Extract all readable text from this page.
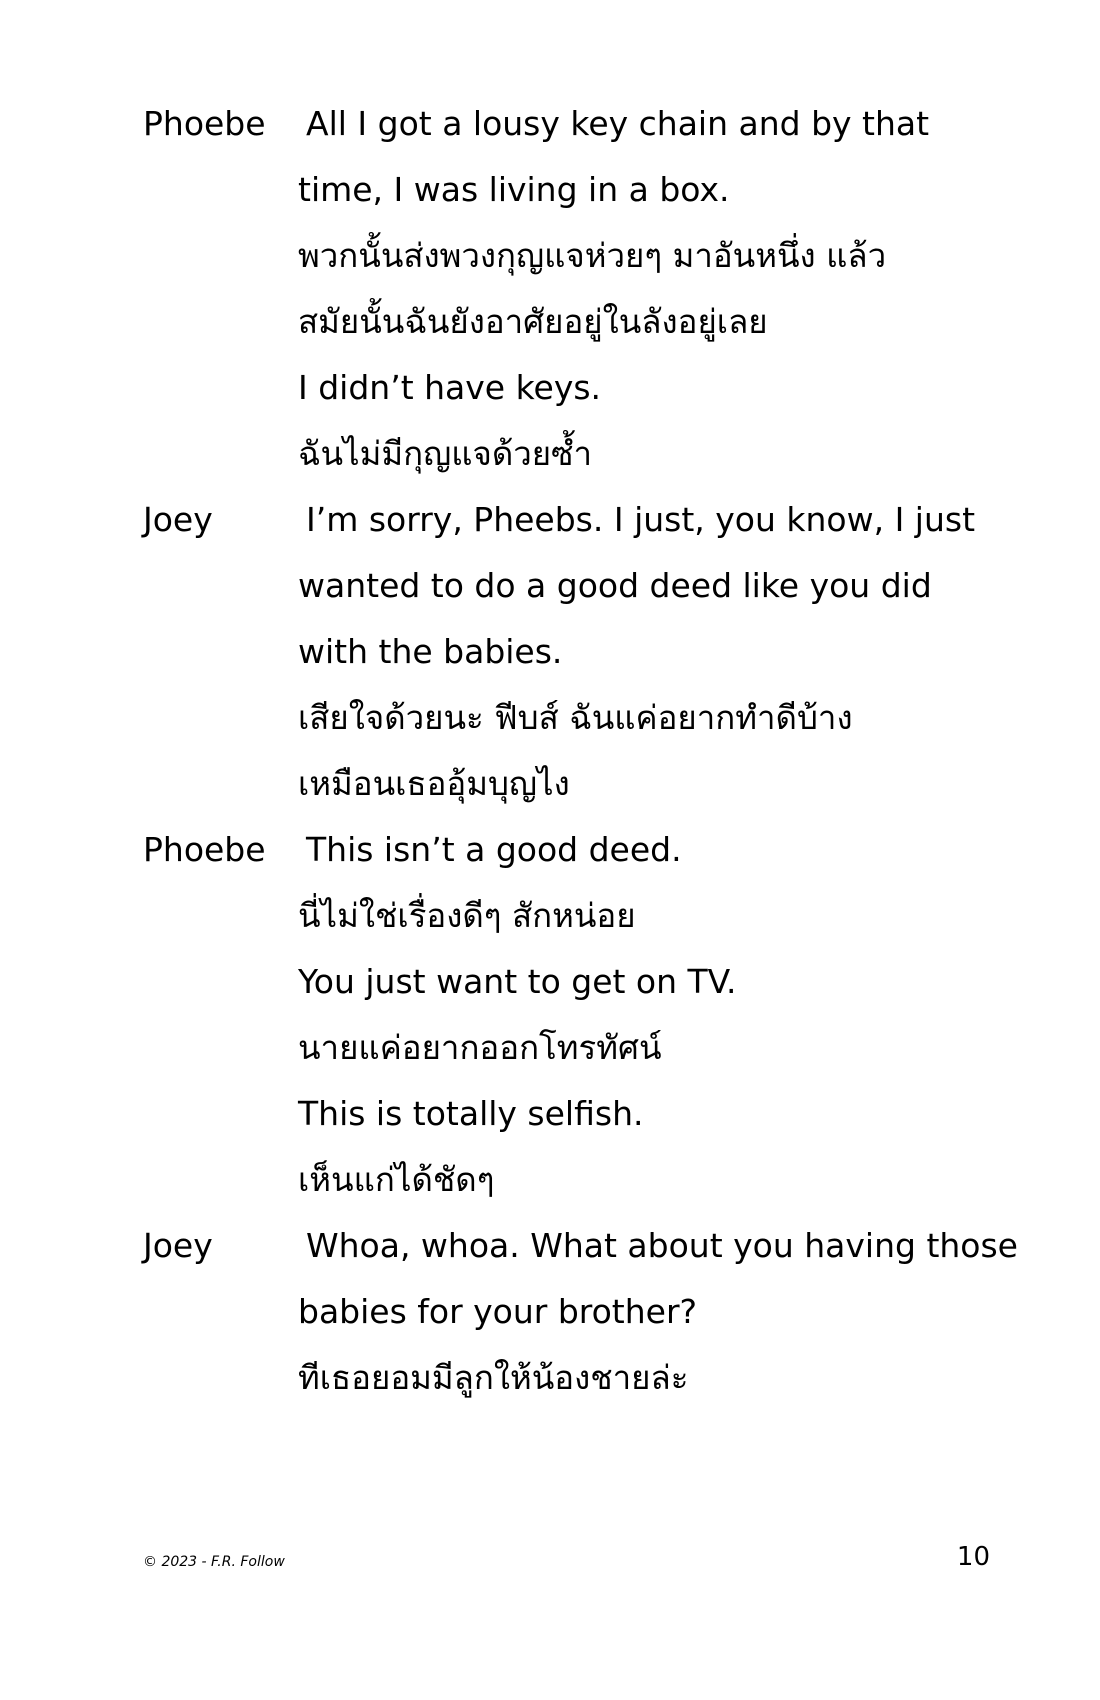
Phoebe All I got a lousy key chain and by that
time, I was living in a box.
พวกนั้นส่งพวงกุญแจห่วยๆ มาอันหนึ่ง แล้ว
สมัยนั้นฉันยังอาศัยอยู่ในลังอยู่เลย
I didn’t have keys.
ฉันไม่มีกุญแจด้วยซ้ำ
Joey	I’m sorry, Pheebs. I just, you know, I just
wanted to do a good deed like you did
with the babies.
เสียใจด้วยนะ ฟีบส์ ฉันแค่อยากทำดีบ้าง
เหมือนเธออุ้มบุญไง
Phoebe This isn’t a good deed.
นี่ไม่ใช่เรื่องดีๆ สักหน่อย
You just want to get on TV.
นายแค่อยากออกโทรทัศน์
This is totally selfish.
เห็นแก่ได้ชัดๆ
Joey	Whoa, whoa. What about you having those
babies for your brother?
ทีเธอยอมมีลูกให้น้องชายล่ะ
© 2023 - F.R. Follow	10
